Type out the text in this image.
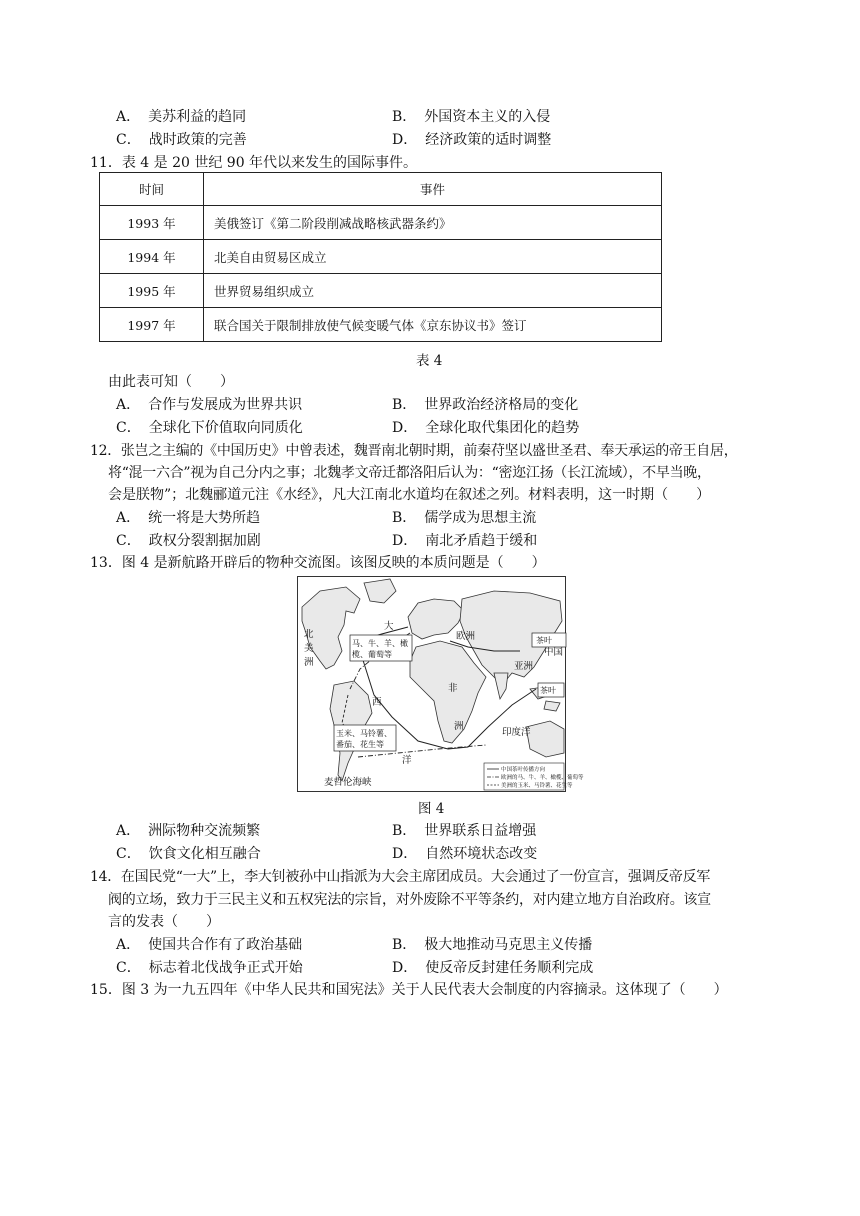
A． 美苏利益的趋同	B． 外国资本主义的入侵
C． 战时政策的完善	D． 经济政策的适时调整
11．表 4 是 20 世纪 90 年代以来发生的国际事件。
时间	事件
1993 年	美俄签订《第二阶段削减战略核武器条约》
1994 年	北美自由贸易区成立
1995 年	世界贸易组织成立
1997 年	联合国关于限制排放使气候变暖气体《京东协议书》签订
表 4
由此表可知（　　）
A． 合作与发展成为世界共识	B． 世界政治经济格局的变化
C． 全球化下价值取向同质化	D． 全球化取代集团化的趋势
12．张岂之主编的《中国历史》中曾表述，魏晋南北朝时期，前秦苻坚以盛世圣君、奉天承运的帝王自居，
将“混一六合”视为自己分内之事；北魏孝文帝迁都洛阳后认为：“密迩江扬（长江流域），不早当晚，
会是朕物”；北魏郦道元注《水经》，凡大江南北水道均在叙述之列。材料表明，这一时期（　　）
A． 统一将是大势所趋	B． 儒学成为思想主流
C． 政权分裂割据加剧	D． 南北矛盾趋于缓和
13．图 4 是新航路开辟后的物种交流图。该图反映的本质问题是（　　）
北
美
洲
大
西
洋
欧洲
亚洲
中国
非
洲
印度洋
麦哲伦海峡
茶叶
茶叶
马、牛、羊、橄
榄、葡萄等
玉米、马铃薯、
番茄、花生等
中国茶叶传播方向
欧洲的马、牛、羊、橄榄、葡萄等
美洲的玉米、马铃薯、花生等
图 4
A． 洲际物种交流频繁	B． 世界联系日益增强
C． 饮食文化相互融合	D． 自然环境状态改变
14．在国民党“一大”上，李大钊被孙中山指派为大会主席团成员。大会通过了一份宣言，强调反帝反军
阀的立场，致力于三民主义和五权宪法的宗旨，对外废除不平等条约，对内建立地方自治政府。该宣
言的发表（　　）
A． 使国共合作有了政治基础	B． 极大地推动马克思主义传播
C． 标志着北伐战争正式开始	D． 使反帝反封建任务顺利完成
15．图 3 为一九五四年《中华人民共和国宪法》关于人民代表大会制度的内容摘录。这体现了（　　）
